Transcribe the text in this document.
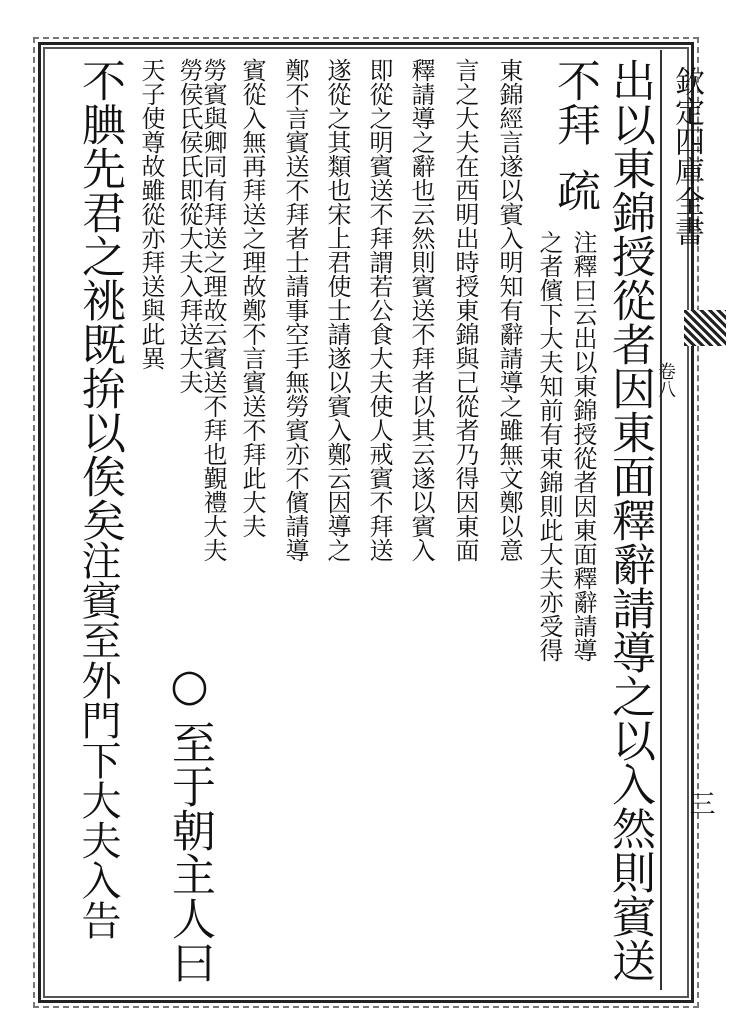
欽定四庫全書
卷八
出以東錦授從者因東面釋辭請導之以入然則賓送
不拜
疏
注釋曰云出以東錦授從者因東面釋辭請導
之者儐下大夫知前有束錦則此大夫亦受得
東錦經言遂以賓入明知有辭請導之雖無文鄭以意
言之大夫在西明出時授東錦與己從者乃得因東面
釋請導之辭也云然則賓送不拜者以其云遂以賓入
即從之明賓送不拜謂若公食大夫使人戒賓不拜送
遂從之其類也宋上君使士請遂以賓入鄭云因導之
鄭不言賓送不拜者士請事空手無勞賓亦不儐請導
賓從入無再拜送之理故鄭不言賓送不拜此大夫
勞賓與卿同有拜送之理故云賓送不拜也覲禮大夫
勞侯氏侯氏即從大夫入拜送大夫
天子使尊故雖從亦拜送與此異
○
至于朝主人曰
不腆先君之祧既拚以俟矣
注賓至外門下大夫入告	三
